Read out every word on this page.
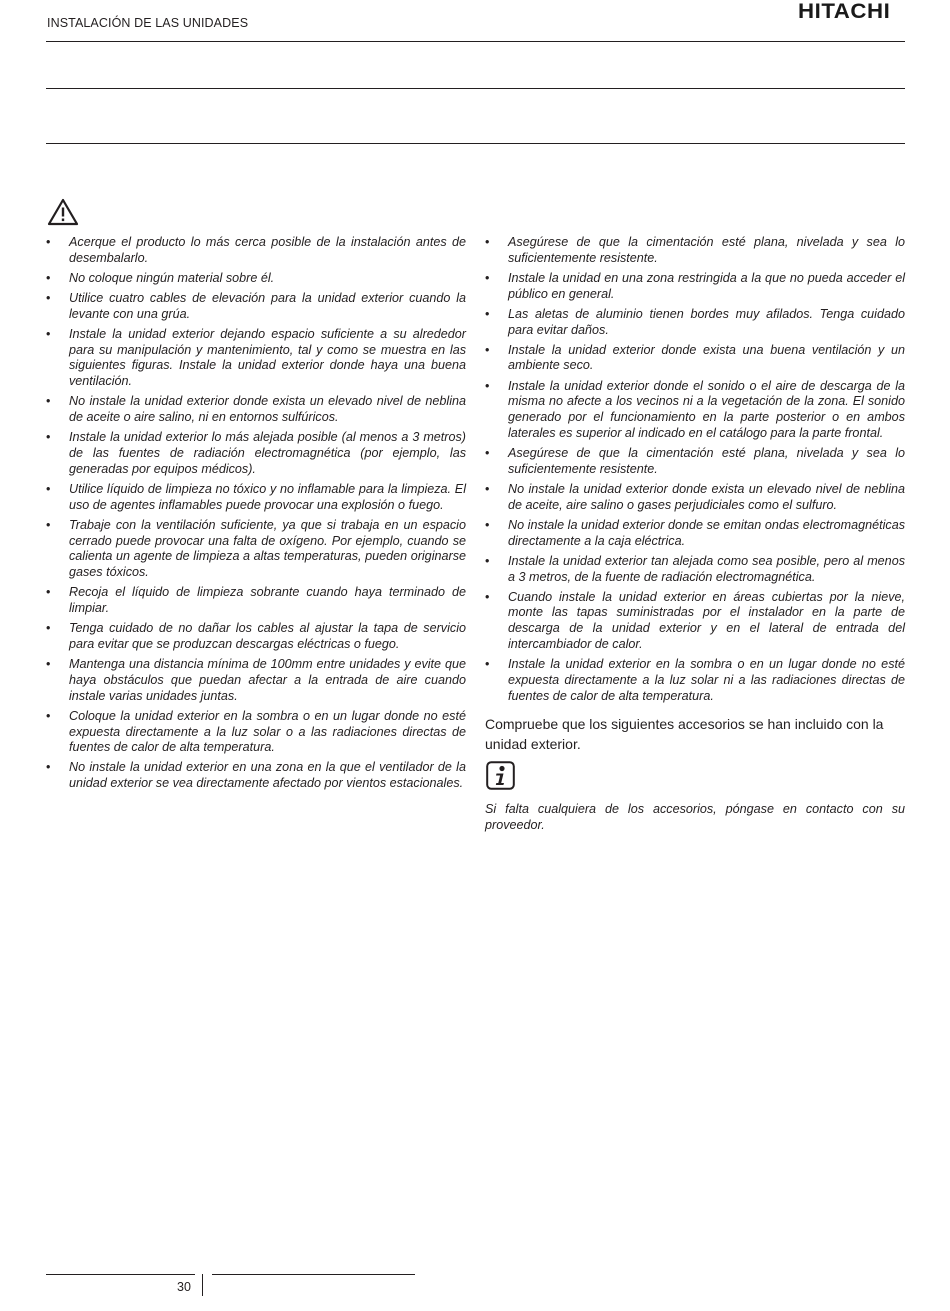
INSTALACIÓN DE LAS UNIDADES	HITACHI
• Acerque el producto lo más cerca posible de la instalación antes de desembalarlo.
• No coloque ningún material sobre él.
• Utilice cuatro cables de elevación para la unidad exterior cuando la levante con una grúa.
• Instale la unidad exterior dejando espacio suficiente a su alrededor para su manipulación y mantenimiento, tal y como se muestra en las siguientes figuras. Instale la unidad exterior donde haya una buena ventilación.
• No instale la unidad exterior donde exista un elevado nivel de neblina de aceite o aire salino, ni en entornos sulfúricos.
• Instale la unidad exterior lo más alejada posible (al menos a 3 metros) de las fuentes de radiación electromagnética (por ejemplo, las generadas por equipos médicos).
• Utilice líquido de limpieza no tóxico y no inflamable para la limpieza. El uso de agentes inflamables puede provocar una explosión o fuego.
• Trabaje con la ventilación suficiente, ya que si trabaja en un espacio cerrado puede provocar una falta de oxígeno. Por ejemplo, cuando se calienta un agente de limpieza a altas temperaturas, pueden originarse gases tóxicos.
• Recoja el líquido de limpieza sobrante cuando haya terminado de limpiar.
• Tenga cuidado de no dañar los cables al ajustar la tapa de servicio para evitar que se produzcan descargas eléctricas o fuego.
• Mantenga una distancia mínima de 100mm entre unidades y evite que haya obstáculos que puedan afectar a la entrada de aire cuando instale varias unidades juntas.
• Coloque la unidad exterior en la sombra o en un lugar donde no esté expuesta directamente a la luz solar o a las radiaciones directas de fuentes de calor de alta temperatura.
• No instale la unidad exterior en una zona en la que el ventilador de la unidad exterior se vea directamente afectado por vientos estacionales.
• Asegúrese de que la cimentación esté plana, nivelada y sea lo suficientemente resistente.
• Instale la unidad en una zona restringida a la que no pueda acceder el público en general.
• Las aletas de aluminio tienen bordes muy afilados. Tenga cuidado para evitar daños.
• Instale la unidad exterior donde exista una buena ventilación y un ambiente seco.
• Instale la unidad exterior donde el sonido o el aire de descarga de la misma no afecte a los vecinos ni a la vegetación de la zona. El sonido generado por el funcionamiento en la parte posterior o en ambos laterales es superior al indicado en el catálogo para la parte frontal.
• Asegúrese de que la cimentación esté plana, nivelada y sea lo suficientemente resistente.
• No instale la unidad exterior donde exista un elevado nivel de neblina de aceite, aire salino o gases perjudiciales como el sulfuro.
• No instale la unidad exterior donde se emitan ondas electromagnéticas directamente a la caja eléctrica.
• Instale la unidad exterior tan alejada como sea posible, pero al menos a 3 metros, de la fuente de radiación electromagnética.
• Cuando instale la unidad exterior en áreas cubiertas por la nieve, monte las tapas suministradas por el instalador en la parte de descarga de la unidad exterior y en el lateral de entrada del intercambiador de calor.
• Instale la unidad exterior en la sombra o en un lugar donde no esté expuesta directamente a la luz solar ni a las radiaciones directas de fuentes de calor de alta temperatura.
Compruebe que los siguientes accesorios se han incluido con la unidad exterior.
Si falta cualquiera de los accesorios, póngase en contacto con su proveedor.
30
